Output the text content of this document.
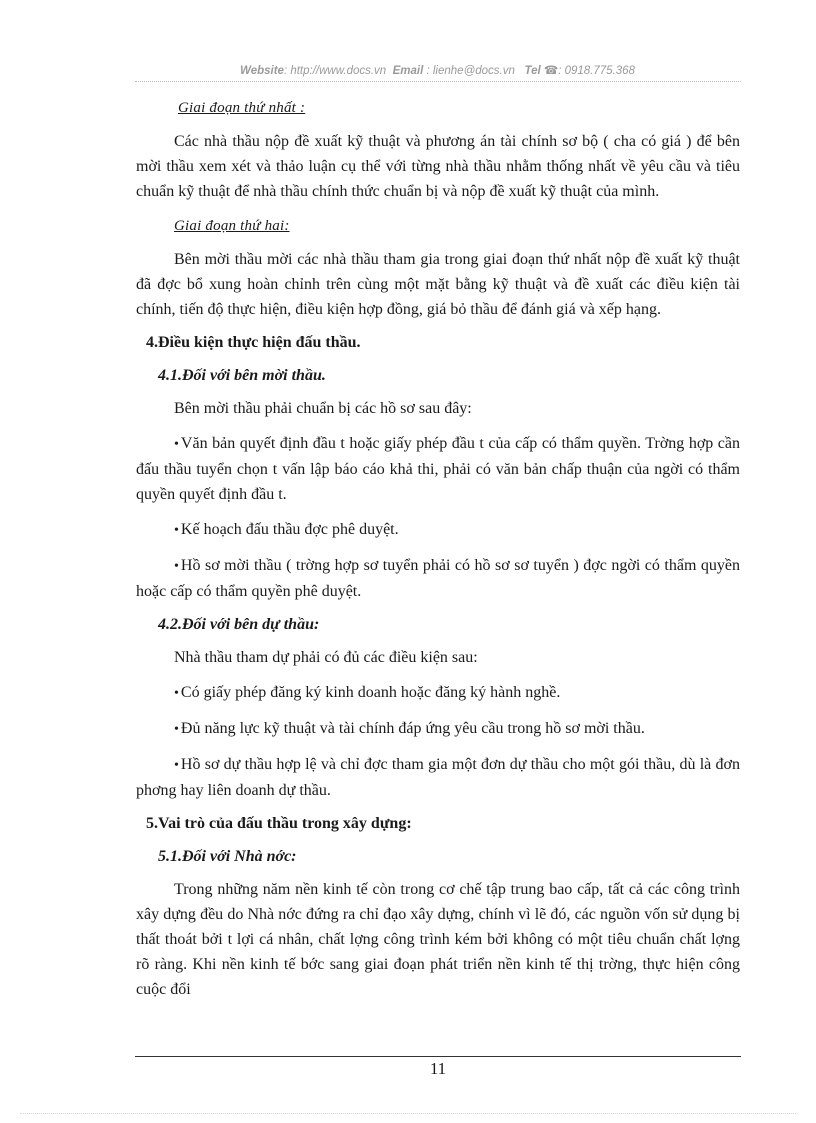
Website: http://www.docs.vn Email : lienhe@docs.vn Tel ☎: 0918.775.368

Giai đoạn thứ nhất :

Các nhà thầu nộp đề xuất kỹ thuật và phương án tài chính sơ bộ ( cha có giá ) để bên mời thầu xem xét và thảo luận cụ thể với từng nhà thầu nhằm thống nhất về yêu cầu và tiêu chuẩn kỹ thuật để nhà thầu chính thức chuẩn bị và nộp đề xuất kỹ thuật của mình.

Giai đoạn thứ hai:

Bên mời thầu mời các nhà thầu tham gia trong giai đoạn thứ nhất nộp đề xuất kỹ thuật đã đợc bổ xung hoàn chỉnh trên cùng một mặt bằng kỹ thuật và đề xuất các điều kiện tài chính, tiến độ thực hiện, điều kiện hợp đồng, giá bỏ thầu để đánh giá và xếp hạng.

4.Điều kiện thực hiện đấu thầu.

4.1.Đối với bên mời thầu.

Bên mời thầu phải chuẩn bị các hồ sơ sau đây:

• Văn bản quyết định đầu t hoặc giấy phép đầu t của cấp có thẩm quyền. Trờng hợp cần đấu thầu tuyển chọn t vấn lập báo cáo khả thi, phải có văn bản chấp thuận của ngời có thẩm quyền quyết định đầu t.

• Kế hoạch đấu thầu đợc phê duyệt.

• Hồ sơ mời thầu ( trờng hợp sơ tuyển phải có hồ sơ sơ tuyển ) đợc ngời có thẩm quyền hoặc cấp có thẩm quyền phê duyệt.

4.2.Đối với bên dự thầu:

Nhà thầu tham dự phải có đủ các điều kiện sau:

• Có giấy phép đăng ký kinh doanh hoặc đăng ký hành nghề.

• Đủ năng lực kỹ thuật và tài chính đáp ứng yêu cầu trong hồ sơ mời thầu.

• Hồ sơ dự thầu hợp lệ và chỉ đợc tham gia một đơn dự thầu cho một gói thầu, dù là đơn phơng hay liên doanh dự thầu.

5.Vai trò của đấu thầu trong xây dựng:

5.1.Đối với Nhà nớc:

Trong những năm nền kinh tế còn trong cơ chế tập trung bao cấp, tất cả các công trình xây dựng đều do Nhà nớc đứng ra chỉ đạo xây dựng, chính vì lẽ đó, các nguồn vốn sử dụng bị thất thoát bởi t lợi cá nhân, chất lợng công trình kém bởi không có một tiêu chuẩn chất lợng rõ ràng. Khi nền kinh tế bớc sang giai đoạn phát triển nền kinh tế thị trờng, thực hiện công cuộc đổi

11
